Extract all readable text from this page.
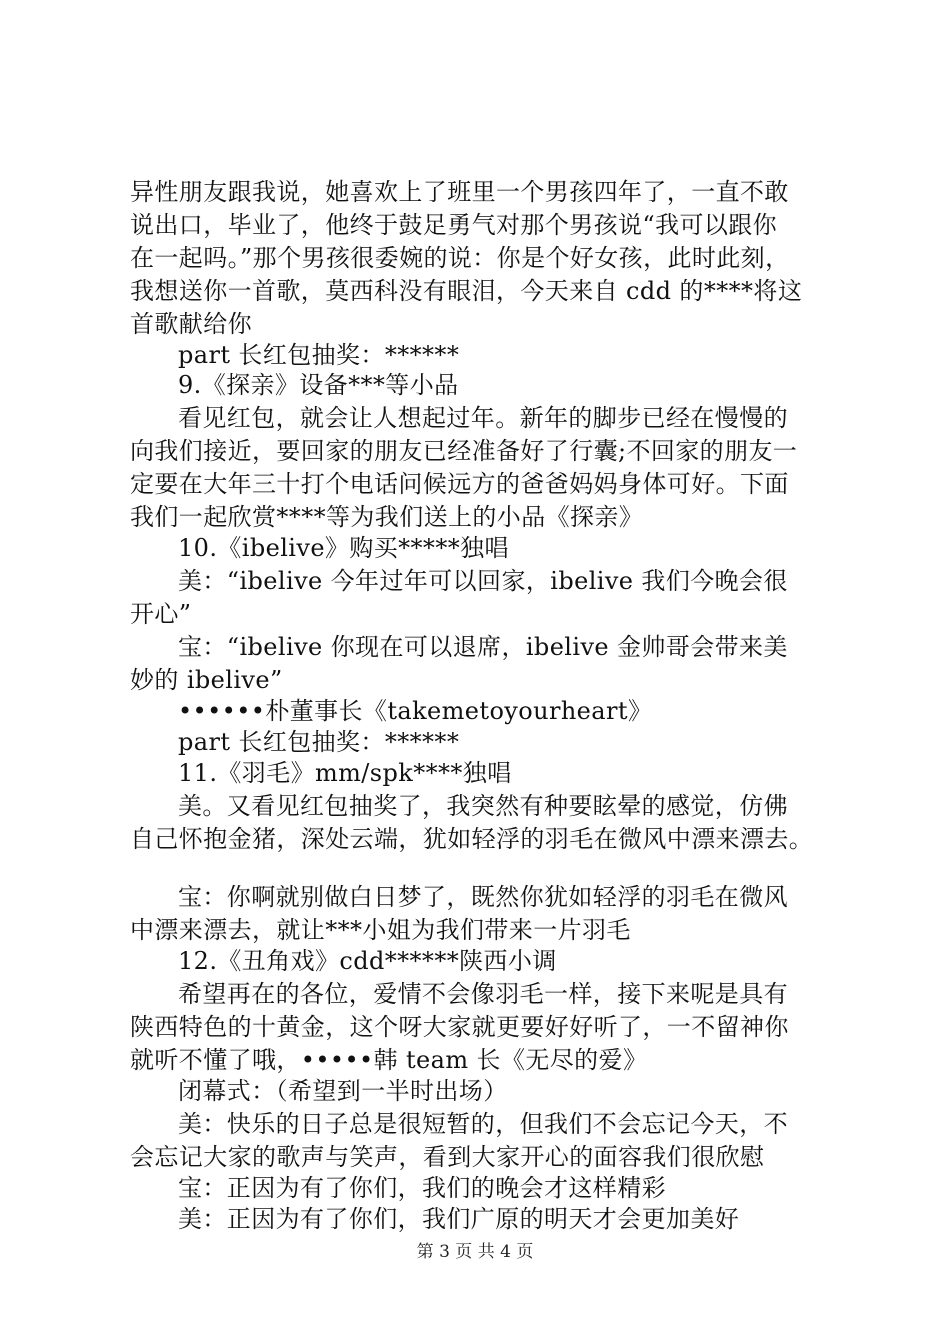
异性朋友跟我说，她喜欢上了班里一个男孩四年了，一直不敢
说出口，毕业了，他终于鼓足勇气对那个男孩说“我可以跟你
在一起吗。”那个男孩很委婉的说：你是个好女孩，此时此刻，
我想送你一首歌，莫西科没有眼泪，今天来自 cdd 的****将这
首歌献给你
part 长红包抽奖：******
9.《探亲》设备***等小品
看见红包，就会让人想起过年。新年的脚步已经在慢慢的
向我们接近，要回家的朋友已经准备好了行囊;不回家的朋友一
定要在大年三十打个电话问候远方的爸爸妈妈身体可好。下面
我们一起欣赏****等为我们送上的小品《探亲》
10.《ibelive》购买*****独唱
美：“ibelive 今年过年可以回家，ibelive 我们今晚会很
开心”
宝：“ibelive 你现在可以退席，ibelive 金帅哥会带来美
妙的 ibelive”
••••••朴董事长《takemetoyourheart》
part 长红包抽奖：******
11.《羽毛》mm/spk****独唱
美。又看见红包抽奖了，我突然有种要眩晕的感觉，仿佛
自己怀抱金猪，深处云端，犹如轻浮的羽毛在微风中漂来漂去。
宝：你啊就别做白日梦了，既然你犹如轻浮的羽毛在微风
中漂来漂去，就让***小姐为我们带来一片羽毛
12.《丑角戏》cdd******陕西小调
希望再在的各位，爱情不会像羽毛一样，接下来呢是具有
陕西特色的十黄金，这个呀大家就更要好好听了，一不留神你
就听不懂了哦，•••••韩 team 长《无尽的爱》
闭幕式：（希望到一半时出场）
美：快乐的日子总是很短暂的，但我们不会忘记今天，不
会忘记大家的歌声与笑声，看到大家开心的面容我们很欣慰
宝：正因为有了你们，我们的晚会才这样精彩
美：正因为有了你们，我们广原的明天才会更加美好
第 3 页 共 4 页
